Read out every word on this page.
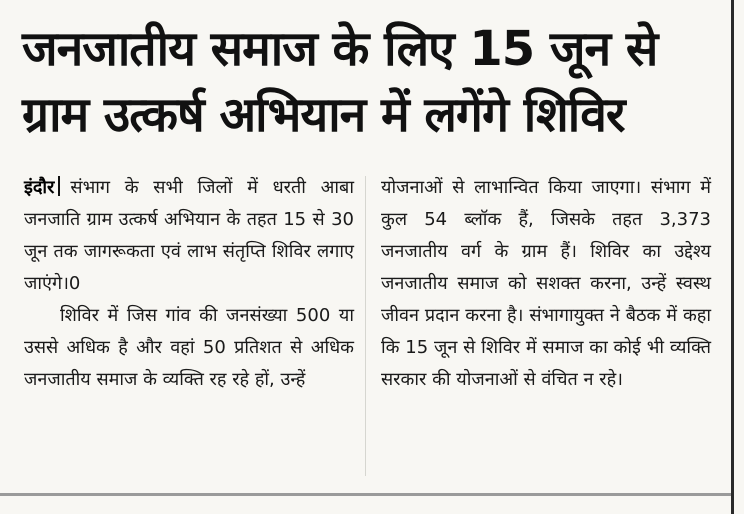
जनजातीय समाज के लिए 15 जून से
ग्राम उत्कर्ष अभियान में लगेंगे शिविर

इंदौर संभाग के सभी जिलों में धरती आबा जनजाति ग्राम उत्कर्ष अभियान के तहत 15 से 30 जून तक जागरूकता एवं लाभ संतृप्ति शिविर लगाए जाएंगे।0

शिविर में जिस गांव की जनसंख्या 500 या उससे अधिक है और वहां 50 प्रतिशत से अधिक जनजातीय समाज के व्यक्ति रह रहे हों, उन्हें

योजनाओं से लाभान्वित किया जाएगा। संभाग में कुल 54 ब्लॉक हैं, जिसके तहत 3,373 जनजातीय वर्ग के ग्राम हैं। शिविर का उद्देश्य जनजातीय समाज को सशक्त करना, उन्हें स्वस्थ जीवन प्रदान करना है। संभागायुक्त ने बैठक में कहा कि 15 जून से शिविर में समाज का कोई भी व्यक्ति सरकार की योजनाओं से वंचित न रहे।
